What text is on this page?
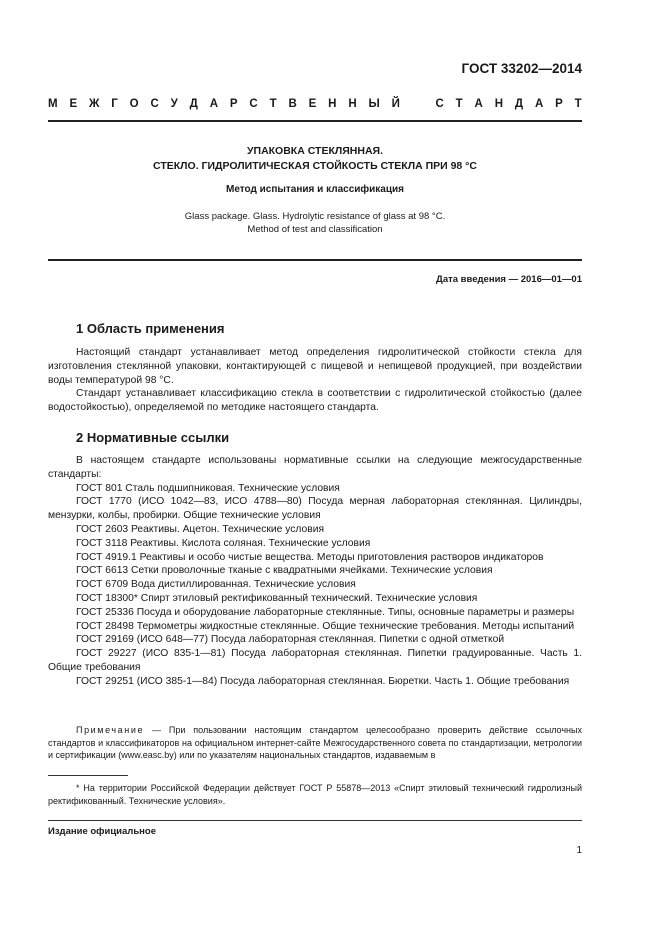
ГОСТ 33202—2014
М Е Ж Г О С У Д А Р С Т В Е Н Н Ы Й	С Т А Н Д А Р Т
УПАКОВКА СТЕКЛЯННАЯ.
СТЕКЛО. ГИДРОЛИТИЧЕСКАЯ СТОЙКОСТЬ СТЕКЛА ПРИ 98 °С
Метод испытания и классификация
Glass package. Glass. Hydrolytic resistance of glass at 98 °C.
Method of test and classification
Дата введения — 2016—01—01
1 Область применения

Настоящий стандарт устанавливает метод определения гидролитической стойкости стекла для изготовления стеклянной упаковки, контактирующей с пищевой и непищевой продукцией, при воздействии воды температурой 98 °С.

Стандарт устанавливает классификацию стекла в соответствии с гидролитической стойкостью (далее водостойкостью), определяемой по методике настоящего стандарта.

2 Нормативные ссылки

В настоящем стандарте использованы нормативные ссылки на следующие межгосударственные стандарты:

ГОСТ 801 Сталь подшипниковая. Технические условия

ГОСТ 1770 (ИСО 1042—83, ИСО 4788—80) Посуда мерная лабораторная стеклянная. Цилиндры, мензурки, колбы, пробирки. Общие технические условия

ГОСТ 2603 Реактивы. Ацетон. Технические условия

ГОСТ 3118 Реактивы. Кислота соляная. Технические условия

ГОСТ 4919.1 Реактивы и особо чистые вещества. Методы приготовления растворов индикаторов

ГОСТ 6613 Сетки проволочные тканые с квадратными ячейками. Технические условия

ГОСТ 6709 Вода дистиллированная. Технические условия

ГОСТ 18300* Спирт этиловый ректификованный технический. Технические условия

ГОСТ 25336 Посуда и оборудование лабораторные стеклянные. Типы, основные параметры и размеры

ГОСТ 28498 Термометры жидкостные стеклянные. Общие технические требования. Методы испытаний

ГОСТ 29169 (ИСО 648—77) Посуда лабораторная стеклянная. Пипетки с одной отметкой

ГОСТ 29227 (ИСО 835-1—81) Посуда лабораторная стеклянная. Пипетки градуированные. Часть 1. Общие требования

ГОСТ 29251 (ИСО 385-1—84) Посуда лабораторная стеклянная. Бюретки. Часть 1. Общие требования

Примечание — При пользовании настоящим стандартом целесообразно проверить действие ссылочных стандартов и классификаторов на официальном интернет-сайте Межгосударственного совета по стандартизации, метрологии и сертификации (www.easc.by) или по указателям национальных стандартов, издаваемым в

* На территории Российской Федерации действует ГОСТ Р 55878—2013 «Спирт этиловый технический гидролизный ректификованный. Технические условия».

Издание официальное
1
